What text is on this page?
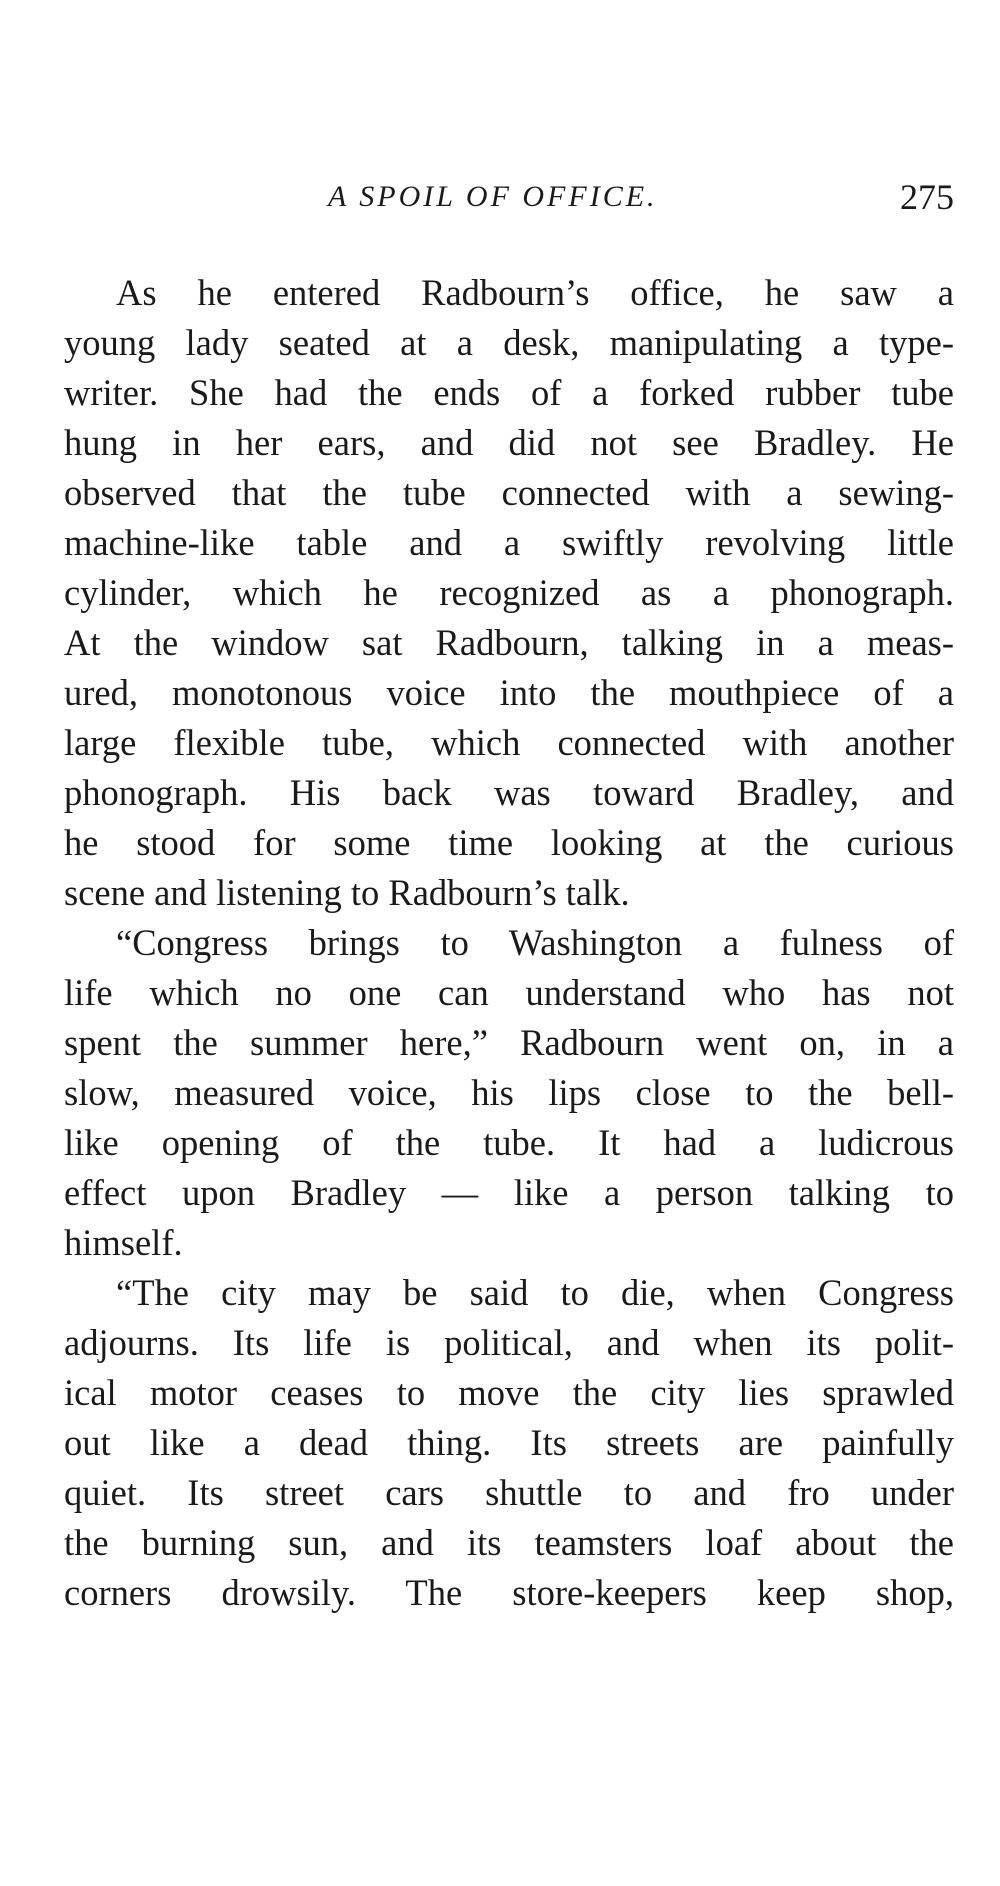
A SPOIL OF OFFICE.	275
As he entered Radbourn’s office, he saw a
young lady seated at a desk, manipulating a type-
writer. She had the ends of a forked rubber tube
hung in her ears, and did not see Bradley. He
observed that the tube connected with a sewing-
machine-like table and a swiftly revolving little
cylinder, which he recognized as a phonograph.
At the window sat Radbourn, talking in a meas-
ured, monotonous voice into the mouthpiece of a
large flexible tube, which connected with another
phonograph. His back was toward Bradley, and
he stood for some time looking at the curious
scene and listening to Radbourn’s talk.
“Congress brings to Washington a fulness of
life which no one can understand who has not
spent the summer here,” Radbourn went on, in a
slow, measured voice, his lips close to the bell-
like opening of the tube. It had a ludicrous
effect upon Bradley — like a person talking to
himself.
“The city may be said to die, when Congress
adjourns. Its life is political, and when its polit-
ical motor ceases to move the city lies sprawled
out like a dead thing. Its streets are painfully
quiet. Its street cars shuttle to and fro under
the burning sun, and its teamsters loaf about the
corners drowsily. The store-keepers keep shop,
